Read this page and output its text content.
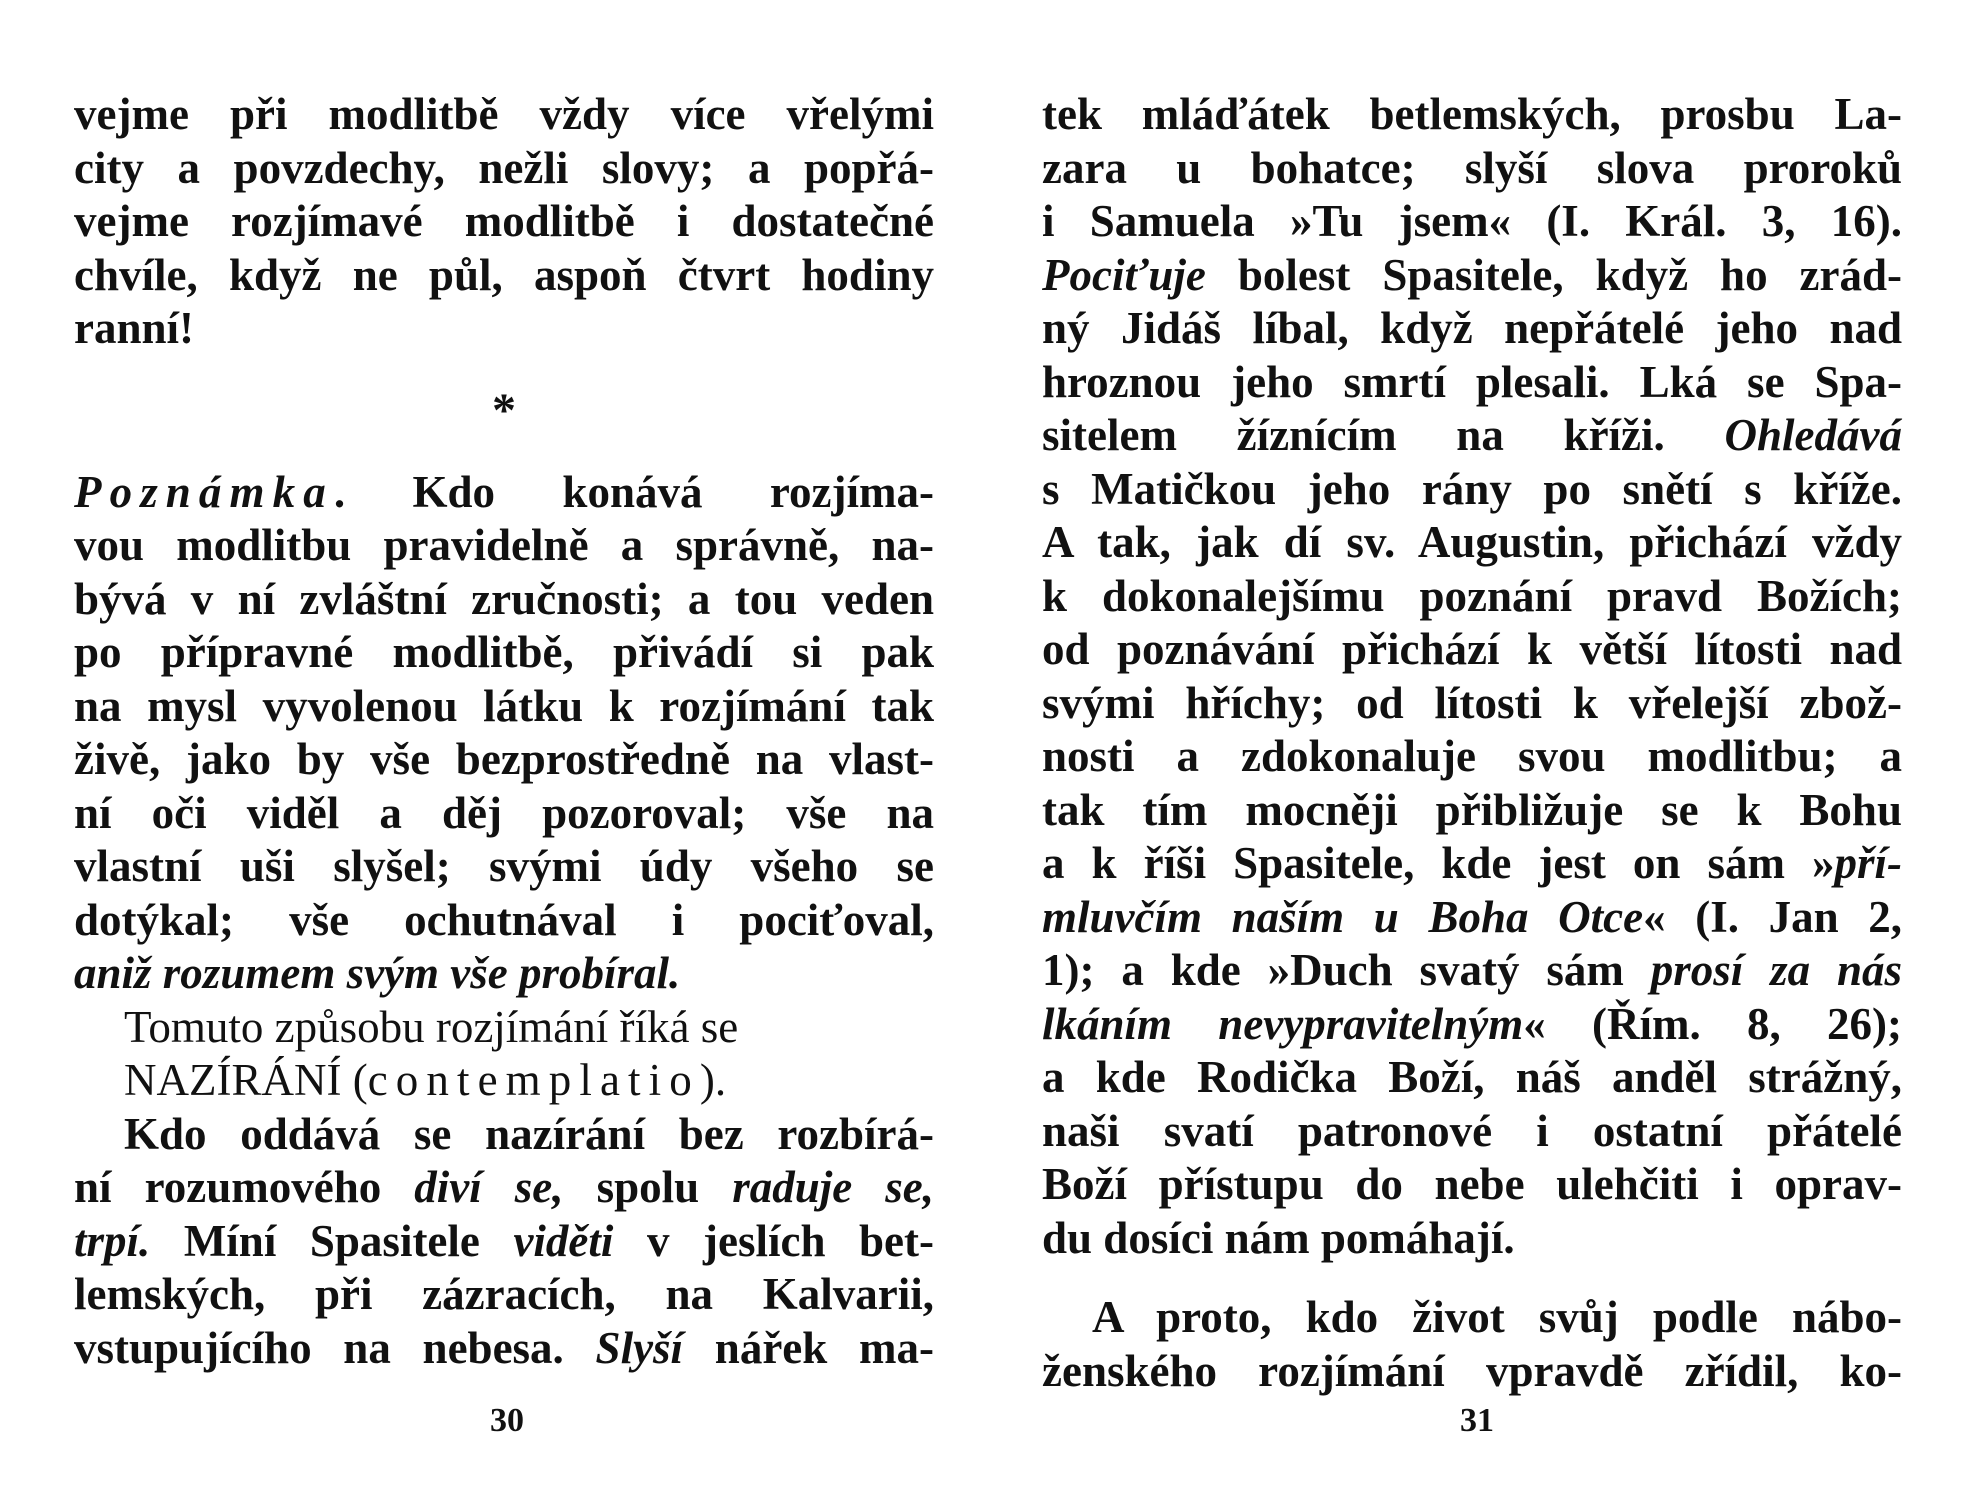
vejme při modlitbě vždy více vřelými
city a povzdechy, nežli slovy; a popřá-
vejme rozjímavé modlitbě i dostatečné
chvíle, když ne půl, aspoň čtvrt hodiny
ranní!
*
Poznámka. Kdo konává rozjíma-
vou modlitbu pravidelně a správně, na-
bývá v ní zvláštní zručnosti; a tou veden
po přípravné modlitbě, přivádí si pak
na mysl vyvolenou látku k rozjímání tak
živě, jako by vše bezprostředně na vlast-
ní oči viděl a děj pozoroval; vše na
vlastní uši slyšel; svými údy všeho se
dotýkal; vše ochutnával i pociťoval,
aniž rozumem svým vše probíral.
Tomuto způsobu rozjímání říká se
NAZÍRÁNÍ (contemplatio).
Kdo oddává se nazírání bez rozbírá-
ní rozumového diví se, spolu raduje se,
trpí. Míní Spasitele viděti v jeslích bet-
lemských, při zázracích, na Kalvarii,
vstupujícího na nebesa. Slyší nářek ma-
30
tek mláďátek betlemských, prosbu La-
zara u bohatce; slyší slova proroků
i Samuela »Tu jsem« (I. Král. 3, 16).
Pociťuje bolest Spasitele, když ho zrád-
ný Jidáš líbal, když nepřátelé jeho nad
hroznou jeho smrtí plesali. Lká se Spa-
sitelem žíznícím na kříži. Ohledává
s Matičkou jeho rány po snětí s kříže.
A tak, jak dí sv. Augustin, přichází vždy
k dokonalejšímu poznání pravd Božích;
od poznávání přichází k větší lítosti nad
svými hříchy; od lítosti k vřelejší zbož-
nosti a zdokonaluje svou modlitbu; a
tak tím mocněji přibližuje se k Bohu
a k říši Spasitele, kde jest on sám »pří-
mluvčím naším u Boha Otce« (I. Jan 2,
1); a kde »Duch svatý sám prosí za nás
lkáním nevypravitelným« (Řím. 8, 26);
a kde Rodička Boží, náš anděl strážný,
naši svatí patronové i ostatní přátelé
Boží přístupu do nebe ulehčiti i oprav-
du dosíci nám pomáhají.
A proto, kdo život svůj podle nábo-
ženského rozjímání vpravdě zřídil, ko-
31
